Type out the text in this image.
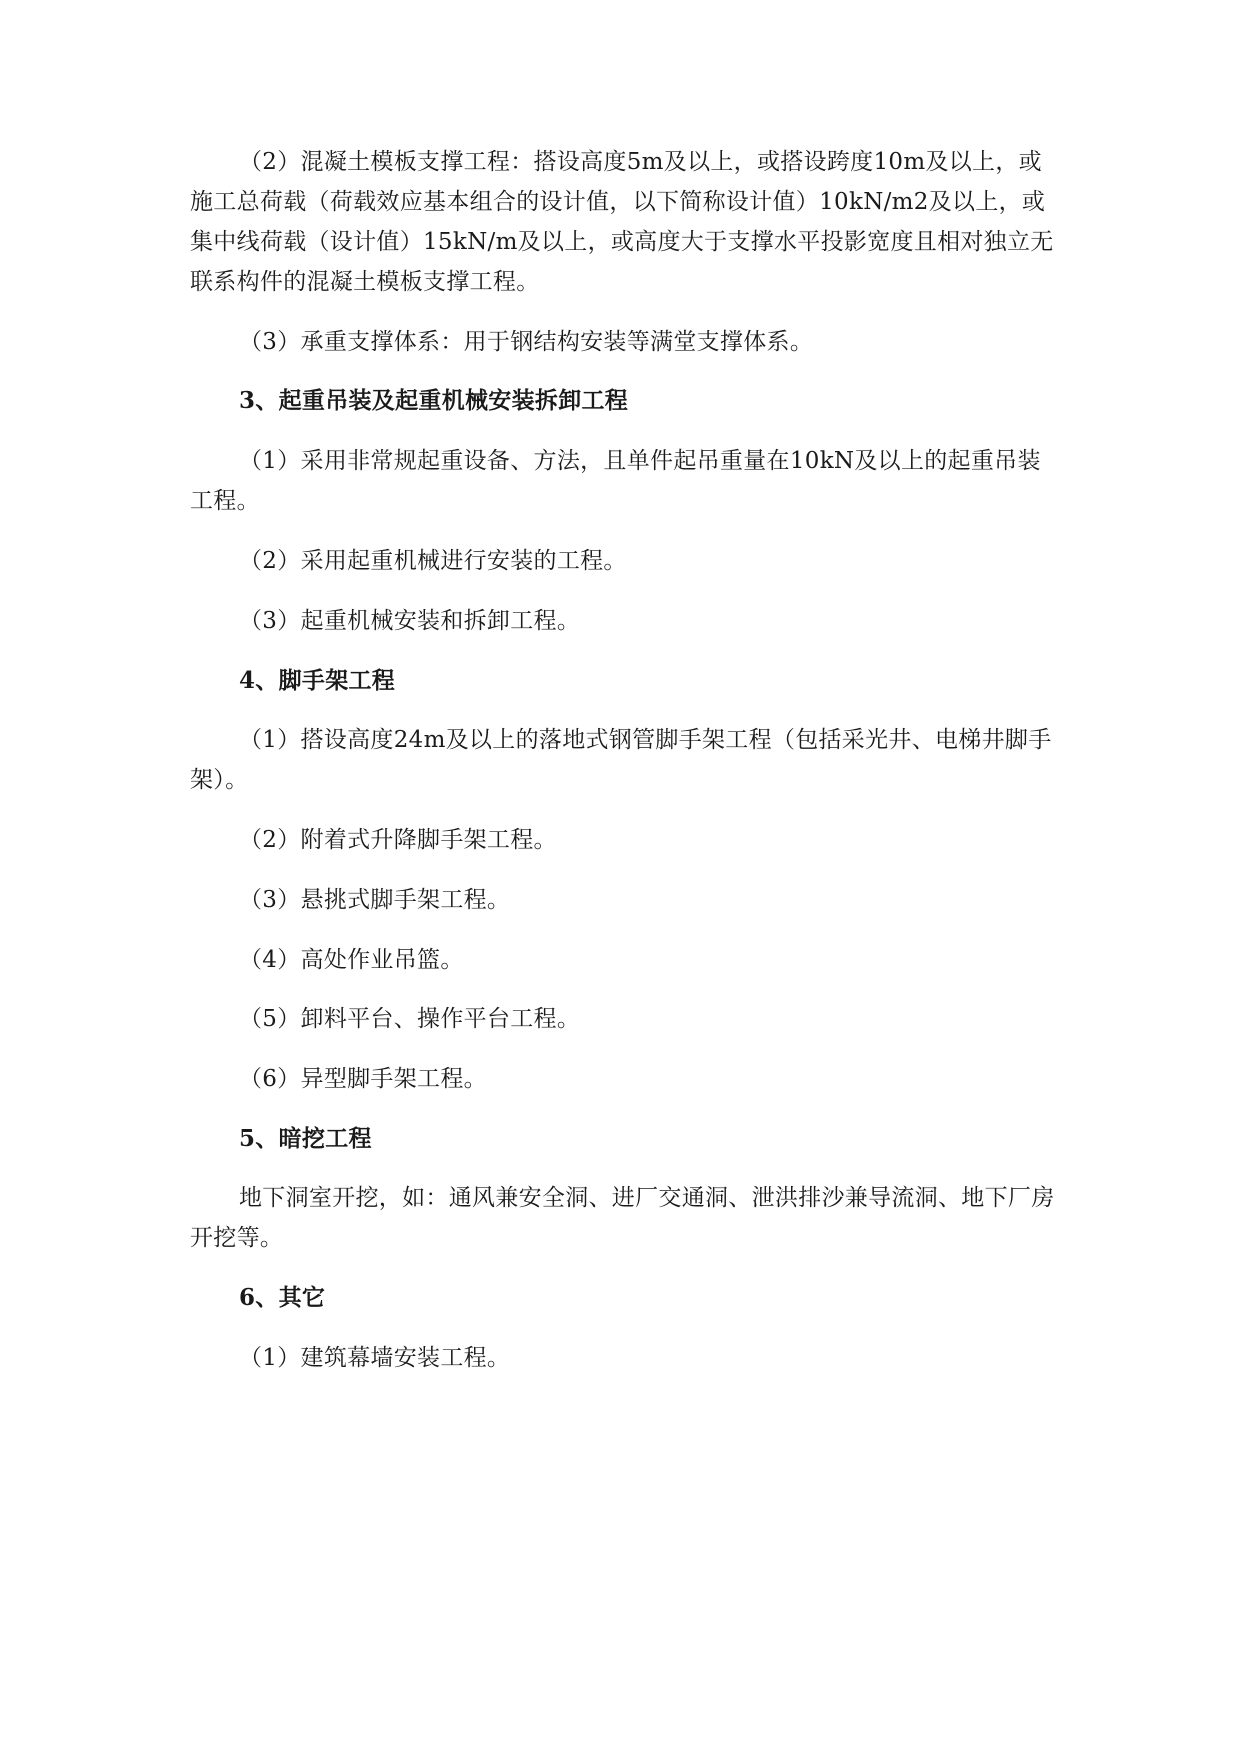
（2）混凝土模板支撑工程：搭设高度5m及以上，或搭设跨度10m及以上，或施工总荷载（荷载效应基本组合的设计值，以下简称设计值）10kN/m2及以上，或集中线荷载（设计值）15kN/m及以上，或高度大于支撑水平投影宽度且相对独立无联系构件的混凝土模板支撑工程。

（3）承重支撑体系：用于钢结构安装等满堂支撑体系。

3、起重吊装及起重机械安装拆卸工程

（1）采用非常规起重设备、方法，且单件起吊重量在10kN及以上的起重吊装工程。

（2）采用起重机械进行安装的工程。

（3）起重机械安装和拆卸工程。

4、脚手架工程

（1）搭设高度24m及以上的落地式钢管脚手架工程（包括采光井、电梯井脚手架）。

（2）附着式升降脚手架工程。

（3）悬挑式脚手架工程。

（4）高处作业吊篮。

（5）卸料平台、操作平台工程。

（6）异型脚手架工程。

5、暗挖工程

地下洞室开挖，如：通风兼安全洞、进厂交通洞、泄洪排沙兼导流洞、地下厂房开挖等。

6、其它

（1）建筑幕墙安装工程。
